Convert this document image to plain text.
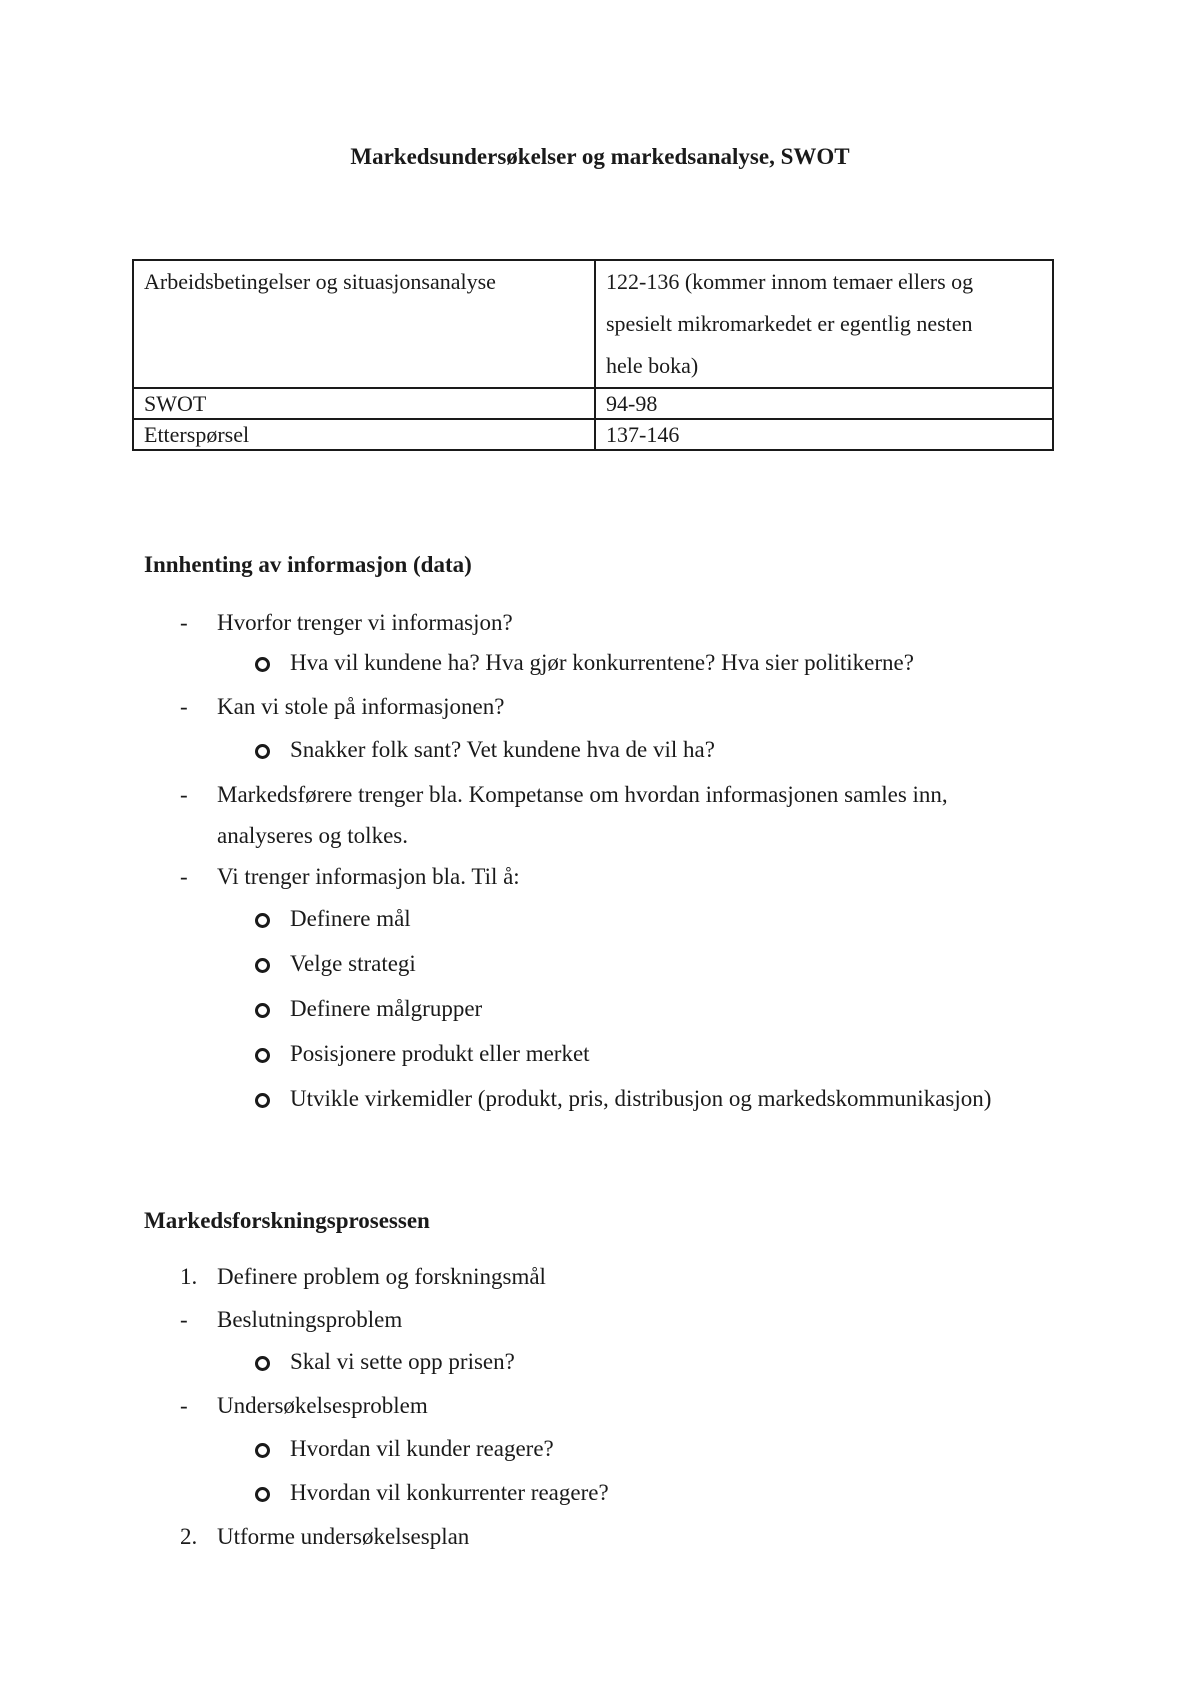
Markedsundersøkelser og markedsanalyse, SWOT
Arbeidsbetingelser og situasjonsanalyse	122-136 (kommer innom temaer ellers og
spesielt mikromarkedet er egentlig nesten
hele boka)

SWOT	94-98
Etterspørsel	137-146
Innhenting av informasjon (data)
- Hvorfor trenger vi informasjon?
Hva vil kundene ha? Hva gjør konkurrentene? Hva sier politikerne?
- Kan vi stole på informasjonen?
Snakker folk sant? Vet kundene hva de vil ha?
- Markedsførere trenger bla. Kompetanse om hvordan informasjonen samles inn,
analyseres og tolkes.
- Vi trenger informasjon bla. Til å:
Definere mål
Velge strategi
Definere målgrupper
Posisjonere produkt eller merket
Utvikle virkemidler (produkt, pris, distribusjon og markedskommunikasjon)
Markedsforskningsprosessen
1. Definere problem og forskningsmål
- Beslutningsproblem
Skal vi sette opp prisen?
- Undersøkelsesproblem
Hvordan vil kunder reagere?
Hvordan vil konkurrenter reagere?
2. Utforme undersøkelsesplan
